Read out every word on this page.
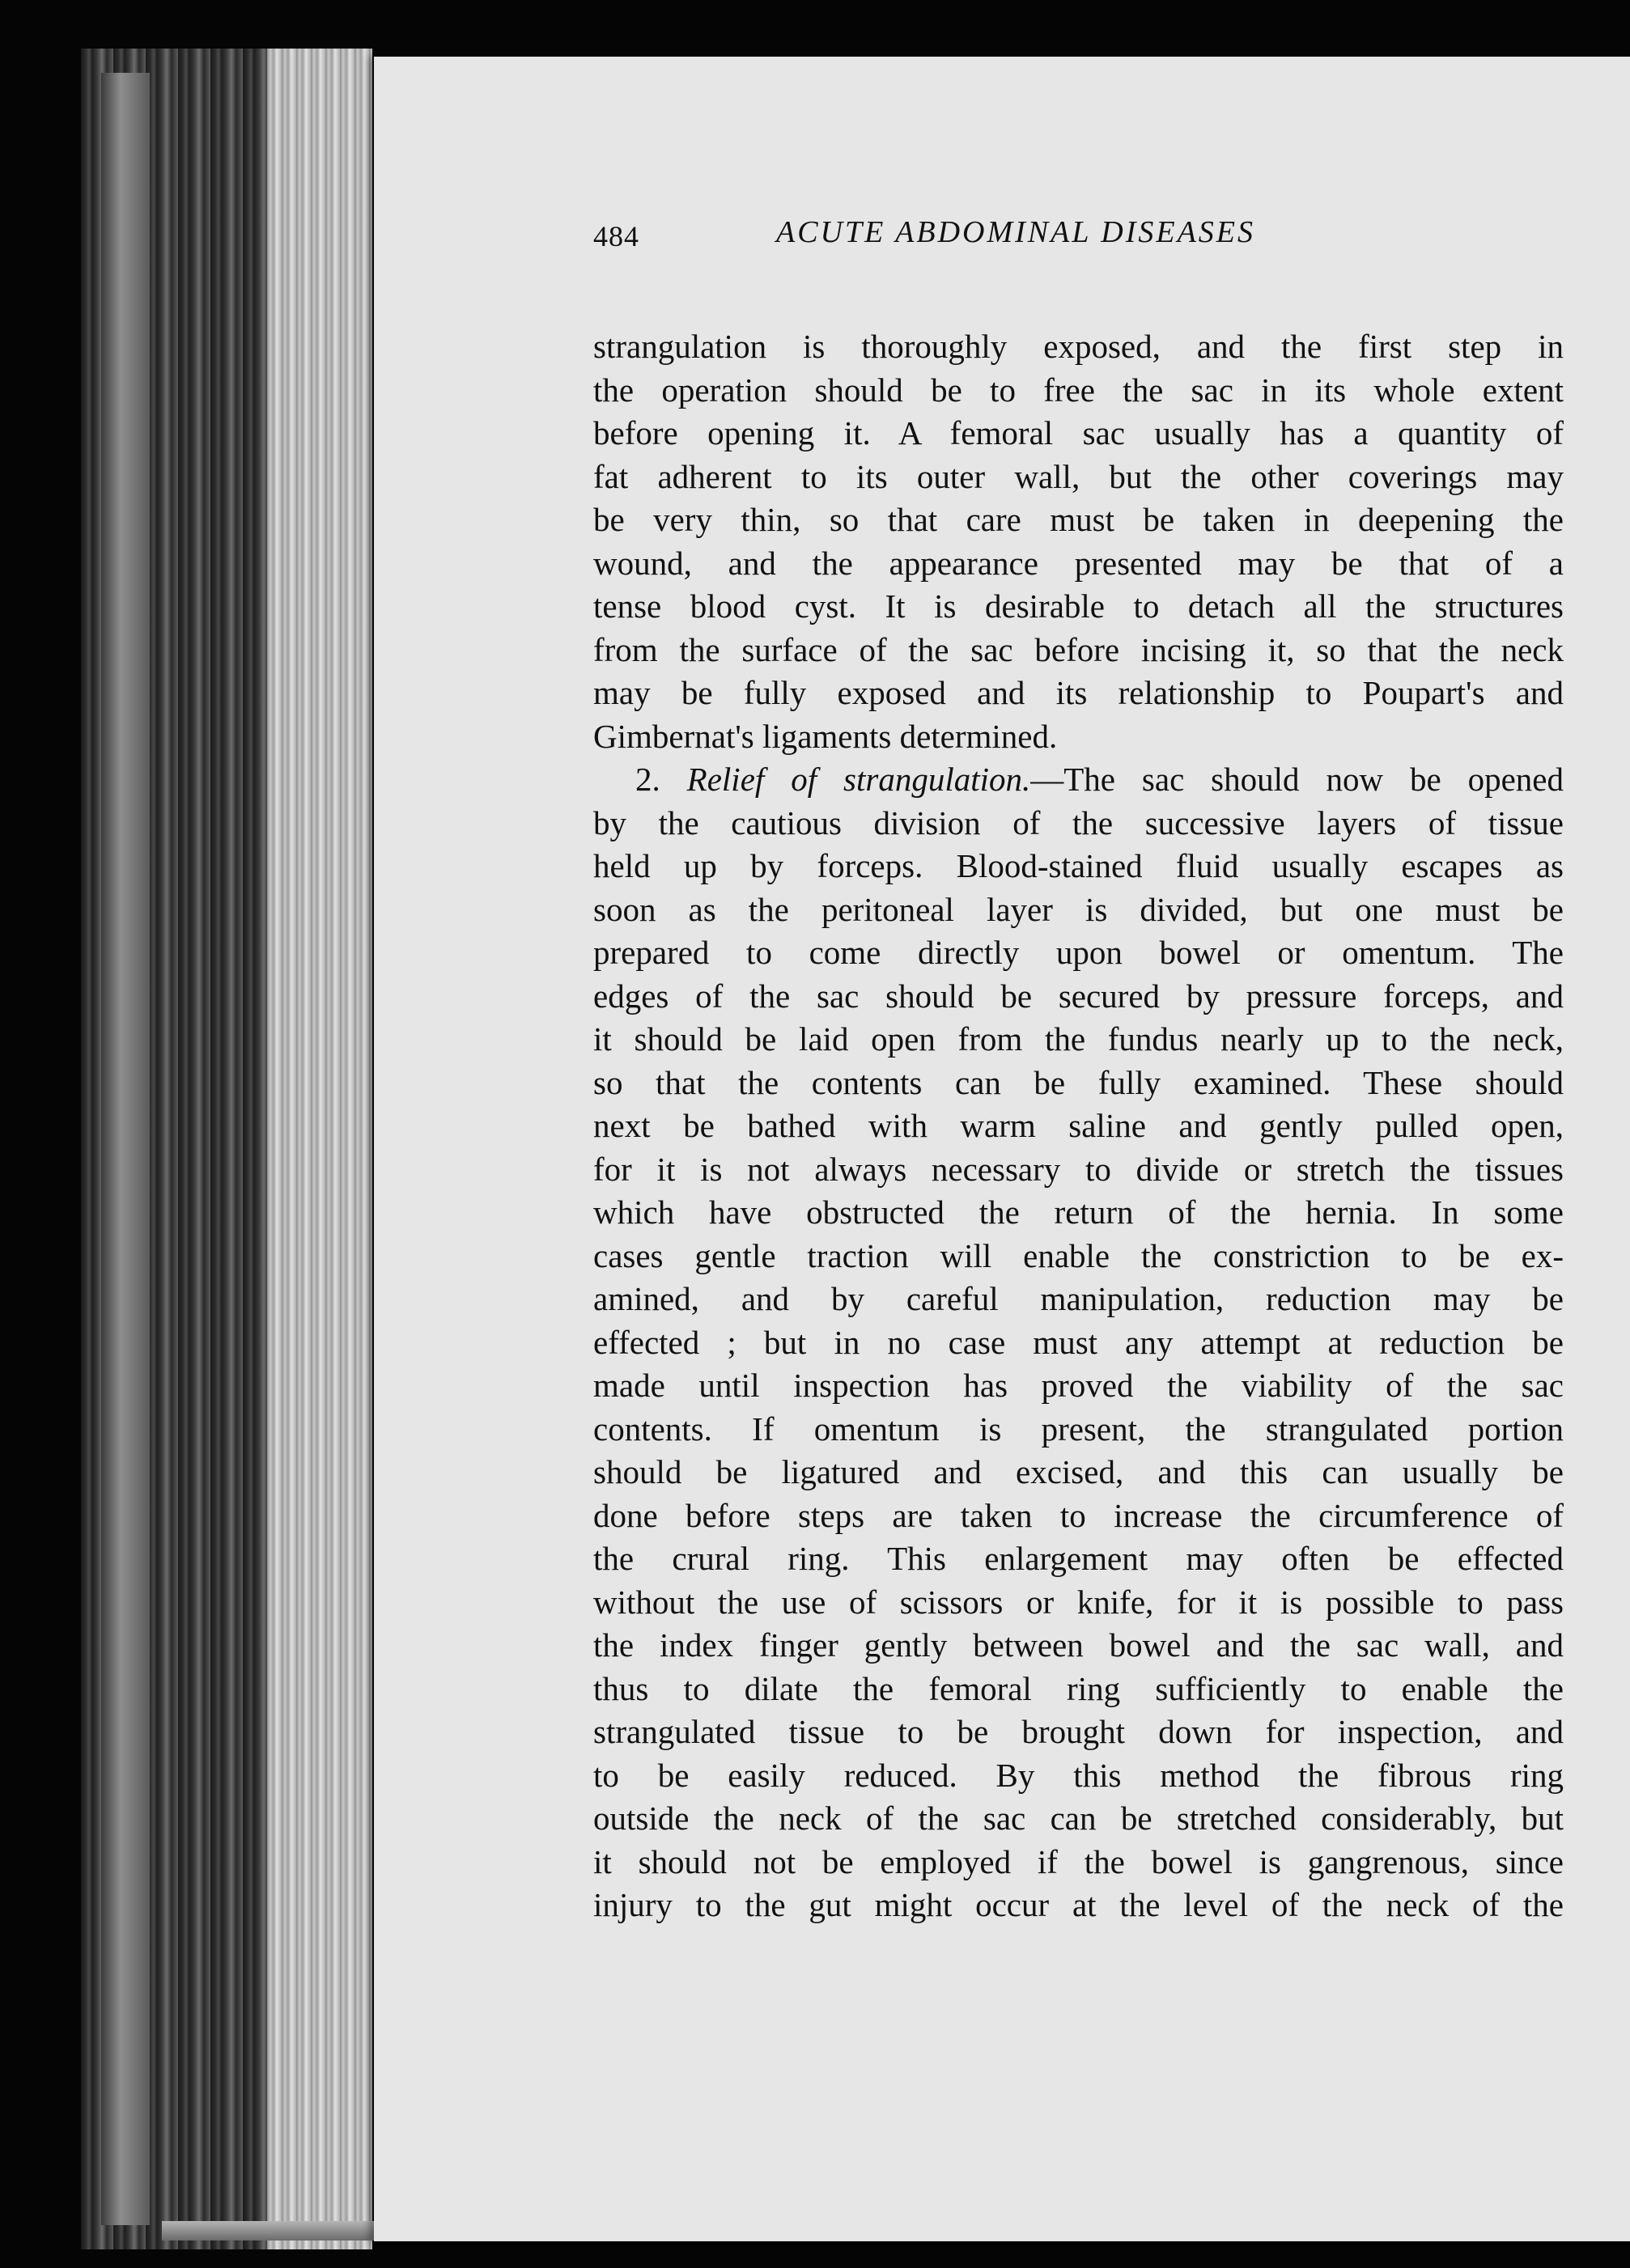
484	ACUTE ABDOMINAL DISEASES
strangulation is thoroughly exposed, and the first step in
the operation should be to free the sac in its whole extent
before opening it. A femoral sac usually has a quantity of
fat adherent to its outer wall, but the other coverings may
be very thin, so that care must be taken in deepening the
wound, and the appearance presented may be that of a
tense blood cyst. It is desirable to detach all the structures
from the surface of the sac before incising it, so that the neck
may be fully exposed and its relationship to Poupart's and
Gimbernat's ligaments determined.
2. Relief of strangulation.—The sac should now be opened
by the cautious division of the successive layers of tissue
held up by forceps. Blood-stained fluid usually escapes as
soon as the peritoneal layer is divided, but one must be
prepared to come directly upon bowel or omentum. The
edges of the sac should be secured by pressure forceps, and
it should be laid open from the fundus nearly up to the neck,
so that the contents can be fully examined. These should
next be bathed with warm saline and gently pulled open,
for it is not always necessary to divide or stretch the tissues
which have obstructed the return of the hernia. In some
cases gentle traction will enable the constriction to be ex-
amined, and by careful manipulation, reduction may be
effected ; but in no case must any attempt at reduction be
made until inspection has proved the viability of the sac
contents. If omentum is present, the strangulated portion
should be ligatured and excised, and this can usually be
done before steps are taken to increase the circumference of
the crural ring. This enlargement may often be effected
without the use of scissors or knife, for it is possible to pass
the index finger gently between bowel and the sac wall, and
thus to dilate the femoral ring sufficiently to enable the
strangulated tissue to be brought down for inspection, and
to be easily reduced. By this method the fibrous ring
outside the neck of the sac can be stretched considerably, but
it should not be employed if the bowel is gangrenous, since
injury to the gut might occur at the level of the neck of the
